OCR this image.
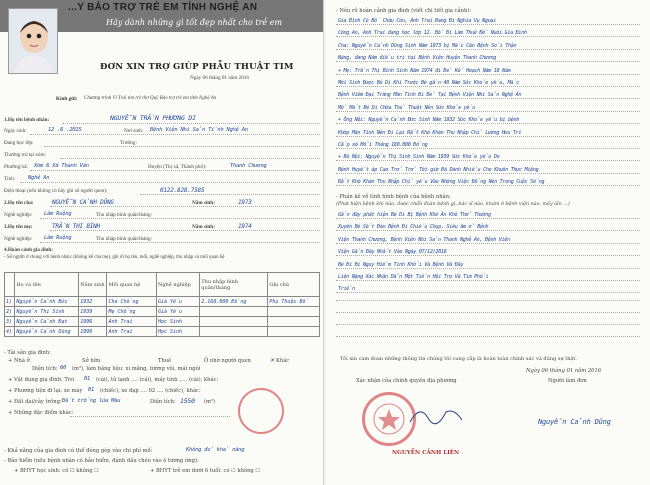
...Y BẢO TRỢ TRẺ EM TỈNH NGHỆ AN
Hãy dành những gì tốt đẹp nhất cho trẻ em
ĐƠN XIN TRỢ GIÚP PHẪU THUẬT TIM
Ngày 06 tháng 01 năm 2016
Kính gửi: Chương trình Vì Trái tim trẻ thơ Quỹ Bảo trợ trẻ em tỉnh Nghệ An
1.Họ tên bệnh nhân:	NGUYỄN TRẦN PHƯƠNG DI
Ngày sinh:	12 .6 .2015	Nơi sinh: Bệnh Viện Nhi Sản Tỉnh Nghệ An
Đang học lớp:	Trường:
Thường trú tại xóm:
Phường/xã: Xóm 6 Xã Thanh Văn	Huyện (Thị xã, Thành phố):	Thanh Chương
Tỉnh: Nghệ An
Điện thoại (nếu không có hãy ghi số người quen):	0122.828.7585
2.Họ tên cha:	NGUYỄN CẢNH DŨNG	Năm sinh:	1973
Nghề nghiệp: Làm Ruộng	Thu nhập bình quân/tháng:
3.Họ tên mẹ:	TRẦN THỊ BÌNH	Năm sinh:	1974
Nghề nghiệp: Làm Ruộng	Thu nhập bình quân/tháng:
4.Hoàn cảnh gia đình:
- Số người ở chung với bệnh nhân: (không kể cha mẹ), ghi rõ họ tên, tuổi, nghề nghiệp, thu nhập và mối quan hệ
	Họ và tên	Năm sinh	Mối quan hệ	Nghề nghiệp	Thu nhập bình quân/tháng	Ghi chú
1)	Nguyễn Cảnh Đức	1932	Cha Chồng	Già Yếu	2.160.000 Đồng	Phụ Thuộc Bố
2)	Nguyễn Thị Sinh	1939	Mẹ Chồng	Già Yếu		
3)	Nguyễn Cảnh Đạt	1996	Anh Trai	Học Sinh		
4)	Nguyễn Cảnh Dũng	1998	Anh Trai	Học Sinh		
- Tài sản gia đình:
+ Nhà ở	Sở hữu	Thuê	Ở nhờ người quen	Khác
✕
Diện tích: 60 (m²), làm bằng liệu: xi măng, tường vôi, mái ngói
+ Vật dụng gia đình: Tivi 01 (cái), tủ lạnh .... (cái), máy tính ..... (cái), khác:
+ Phương tiện đi lại: xe máy 01 (chiếc), xe đạp .... 02 .... (chiếc), khác:
+ Đất đai/cây trồng: Đất trồng lúa Màu	Diện tích: 1550 (m²)
+ Những đặc điểm khác:
- Khả năng của gia đình có thể đóng góp vào chi phí mổ:	Không đủ khả năng
- Bảo hiểm (nếu bệnh nhân có bảo hiểm, đánh dấu chéo vào ô tương ứng):
+ BHYT học sinh: có ☐ không ☐	+ BHYT trẻ em dưới 6 tuổi: có ☐ không ☐
- Nêu rõ hoàn cảnh gia đình (viết chi tiết gia cảnh):
Gia Đình Có Bố Cháu Con, Anh Trai Đang Đi Nghĩa Vụ Ngoại
Công An, Anh Trai đang học lớp 12. Bố Đi Làm Thuê Để Nuôi Gia Đình
Cha: Nguyễn Cảnh Dũng Sinh Năm 1973 bị Mắc Căn Bệnh Sỏi Thận
Nặng, đang Năm điều trị tại Bệnh Viện Huyện Thanh Chương
+ Mẹ: Trần Thị Bình Sinh Năm 1974 đi Đẻ Kế Hoạch Năm 18 Năm
Mới Sinh Được Bé Di Khi Trước Bé gần 40 Năm Sức Khỏe yếu, Mắc
Bệnh Viêm Đại Tràng Mãn Tính Đi Đẻ Tại Bệnh Viện Nhi Sản Nghệ An
Mổ Mắt Bé Di Chữa Thủ Thuật Nên Sức Khỏe yếu
+ Ông Nội: Nguyễn Cảnh Đức Sinh Năm 1932 Sức Khỏe yếu bị bệnh
Khớp Mãn Tính Nên Đi Lại Rất Khó Khăn Thu Nhập Chỉ Lương Hưu Trí
Cấp xã Mỗi Tháng 180.000 Đồng
+ Bà Nội: Nguyễn Thị Sinh Sinh Năm 1939 Sức Khỏe yếu Do
Bệnh Huyết áp Cao Trở Trở Tới giờ Đã Dành Nhiều Cho Khuôn Thực Miệng
Rất Khó Khăn Thu Nhập Chỉ yếu Vào Những Việc Đồng Nên Trong Cuộc Sống
- Phần kê về tình hình bệnh của bệnh nhân:
(Phát hiện bệnh khi nào, được chẩn đoán bệnh gì, bác sĩ nào, khám ở bệnh viện nào, mấy lần ...)
Gần đây phát hiện Bé Di Bị Bệnh Khó Ăn Khó Thở Thường
Xuyên Bé Sốt Đàn Bệnh Đi Chiếu Chụp, Siêu âm ở Bệnh
Viện Thanh Chương, Bệnh Viện Nhi Sản Thanh Nghệ An, Bệnh Viện
Viện Gần Đây Nhất Vào Ngày 07/12/2016
Bé Đi Bị Nguy Hiểm Tinh Khối Và Bệnh Và Đây
Liên Nặng Xác Nhận Dẫn Một Tiền Hội Trợ Và Tim Phổi
Triển
Tôi xin cam đoan những thông tin chúng tôi cung cấp là hoàn toàn chính xác và đúng sự thật.
Ngày 06 tháng 01 năm 2016
Xác nhận của chính quyền địa phương	Người làm đơn
NGUYỄN CẢNH LIÊN
Nguyễn Cảnh Dũng
